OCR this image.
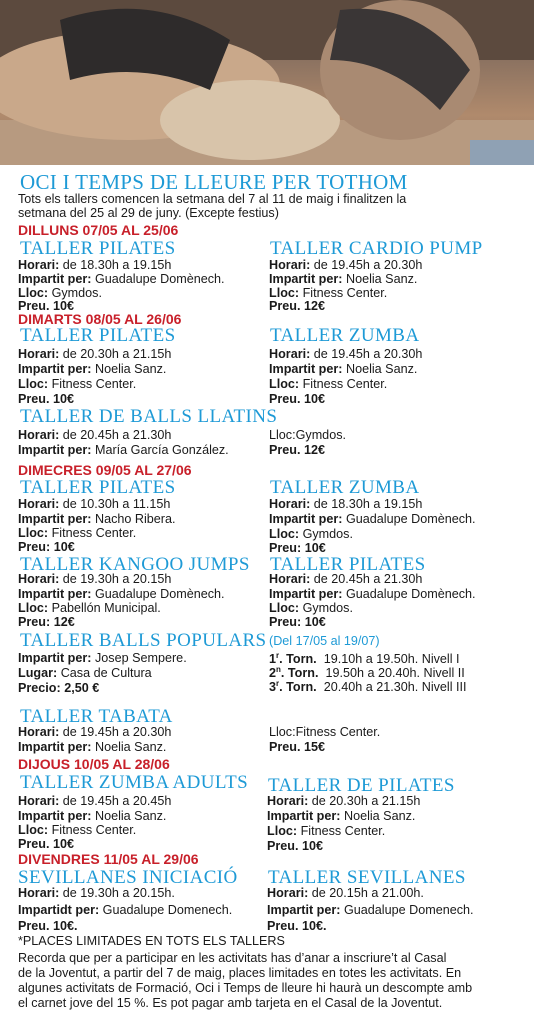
OCI I TEMPS DE LLEURE PER TOTHOM
Tots els tallers comencen la setmana del 7 al 11 de maig i finalitzen la
setmana del 25 al 29 de juny. (Excepte festius)
DILLUNS 07/05 AL 25/06
TALLER PILATES
Horari: de 18.30h a 19.15h
Impartit per: Guadalupe Domènech.
Lloc: Gymdos.
Preu. 10€
TALLER CARDIO PUMP
Horari: de 19.45h a 20.30h
Impartit per: Noelia Sanz.
Lloc: Fitness Center.
Preu. 12€
DIMARTS 08/05 AL 26/06
TALLER PILATES
Horari: de 20.30h a 21.15h
Impartit per: Noelia Sanz.
Lloc: Fitness Center.
Preu. 10€
TALLER ZUMBA
Horari: de 19.45h a 20.30h
Impartit per: Noelia Sanz.
Lloc: Fitness Center.
Preu. 10€
TALLER DE BALLS LLATINS
Horari: de 20.45h a 21.30h
Impartit per: María García González.
Lloc:Gymdos.
Preu. 12€
DIMECRES 09/05 AL 27/06
TALLER PILATES
Horari: de 10.30h a 11.15h
Impartit per: Nacho Ribera.
Lloc: Fitness Center.
Preu: 10€
TALLER ZUMBA
Horari: de 18.30h a 19.15h
Impartit per: Guadalupe Domènech.
Lloc: Gymdos.
Preu: 10€
TALLER KANGOO JUMPS
Horari: de 19.30h a 20.15h
Impartit per: Guadalupe Domènech.
Lloc: Pabellón Municipal.
Preu: 12€
TALLER PILATES
Horari: de 20.45h a 21.30h
Impartit per: Guadalupe Domènech.
Lloc: Gymdos.
Preu: 10€
TALLER BALLS POPULARS (Del 17/05 al 19/07)
Impartit per: Josep Sempere.
Lugar: Casa de Cultura
Precio: 2,50 €
1$^r$. Torn. 19.10h a 19.50h. Nivell I
2$^n$. Torn. 19.50h a 20.40h. Nivell II
3$^r$. Torn. 20.40h a 21.30h. Nivell III
TALLER TABATA
Horari: de 19.45h a 20.30h
Impartit per: Noelia Sanz.
Lloc:Fitness Center.
Preu. 15€
DIJOUS 10/05 AL 28/06
TALLER ZUMBA ADULTS
Horari: de 19.45h a 20.45h
Impartit per: Noelia Sanz.
Lloc: Fitness Center.
Preu. 10€
TALLER DE PILATES
Horari: de 20.30h a 21.15h
Impartit per: Noelia Sanz.
Lloc: Fitness Center.
Preu. 10€
DIVENDRES 11/05 AL 29/06
SEVILLANES INICIACIÓ
Horari: de 19.30h a 20.15h.
Impartidt per: Guadalupe Domenech.
Preu. 10€.
TALLER SEVILLANES
Horari: de 20.15h a 21.00h.
Impartit per: Guadalupe Domenech.
Preu. 10€.
*PLACES LIMITADES EN TOTS ELS TALLERS
Recorda que per a participar en les activitats has d’anar a inscriure’t al Casal
de la Joventut, a partir del 7 de maig, places limitades en totes les activitats. En
algunes activitats de Formació, Oci i Temps de lleure hi haurà un descompte amb
el carnet jove del 15 %. Es pot pagar amb tarjeta en el Casal de la Joventut.
